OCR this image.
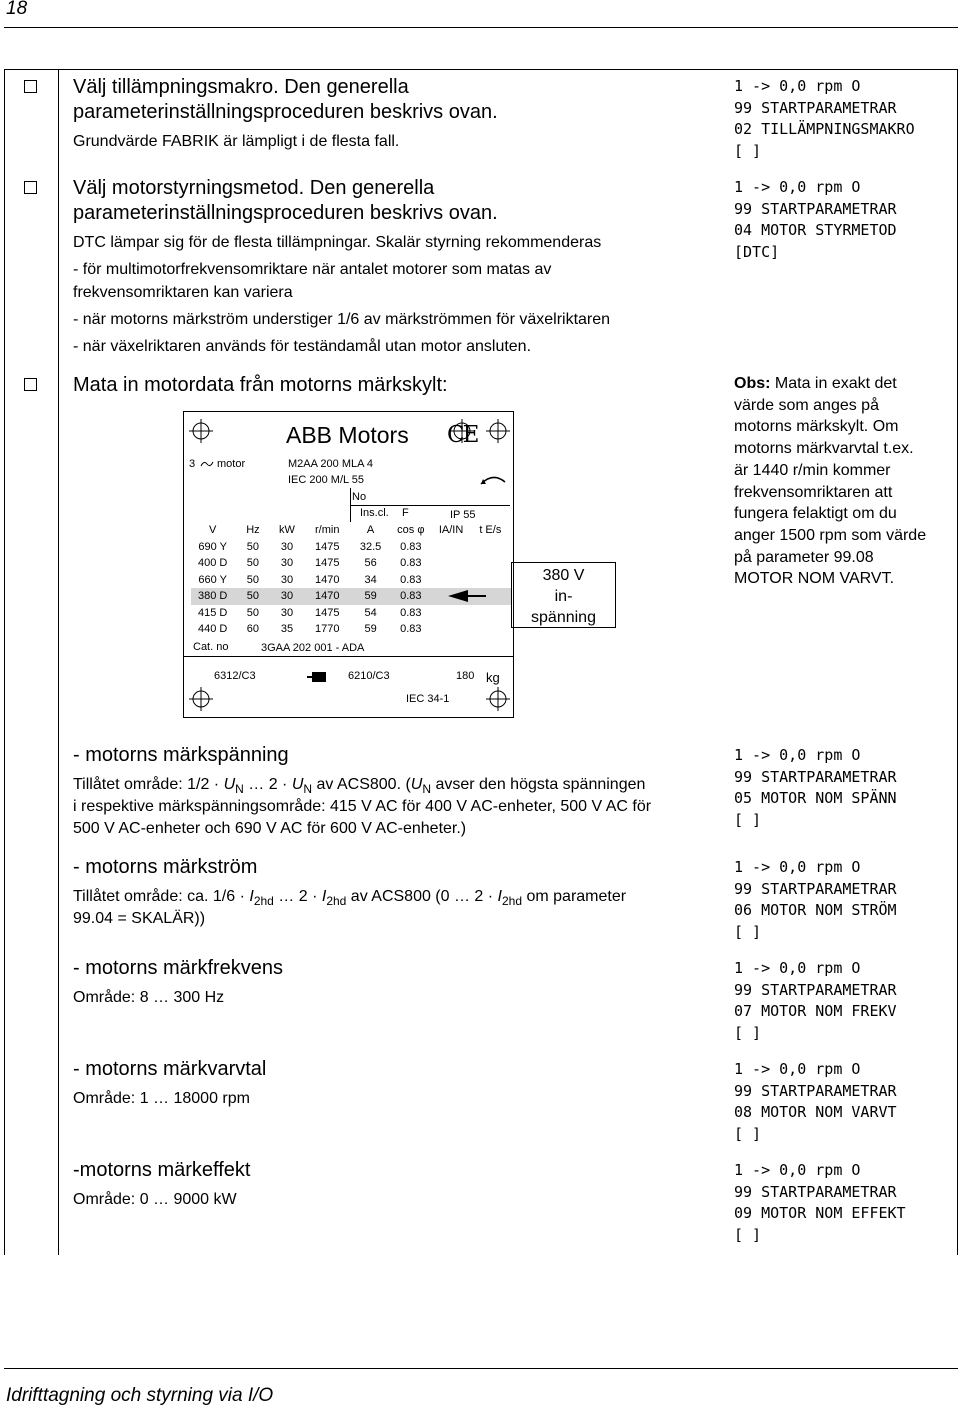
18
Välj tillämpningsmakro. Den generella
parameterinställningsproceduren beskrivs ovan.
Grundvärde FABRIK är lämpligt i de flesta fall.
1 -> 0,0 rpm O
99 STARTPARAMETRAR
02 TILLÄMPNINGSMAKRO
[ ]
Välj motorstyrningsmetod. Den generella
parameterinställningsproceduren beskrivs ovan.
DTC lämpar sig för de flesta tillämpningar. Skalär styrning rekommenderas
- för multimotorfrekvensomriktare när antalet motorer som matas av
frekvensomriktaren kan variera
- när motorns märkström understiger 1/6 av märkströmmen för växelriktaren
- när växelriktaren används för teständamål utan motor ansluten.
1 -> 0,0 rpm O
99 STARTPARAMETRAR
04 MOTOR STYRMETOD
[DTC]
Mata in motordata från motorns märkskylt:	Obs: Mata in exakt det
värde som anges på
motorns märkskylt. Om
motorns märkvarvtal t.ex.
är 1440 r/min kommer
frekvensomriktaren att
fungera felaktigt om du
anger 1500 rpm som värde
på parameter 99.08
MOTOR NOM VARVT.
ABB Motors CE
3 motor	M2AA 200 MLA 4
IEC 200 M/L 55
No
Ins.cl. F	IP 55
V	Hz	kW	r/min	A	cos φ	IA/IN	t E/s
690 Y	50	30	1475	32.5	0.83		
400 D	50	30	1475	56	0.83		
660 Y	50	30	1470	34	0.83		
380 D	50	30	1470	59	0.83		
415 D	50	30	1475	54	0.83		
440 D	60	35	1770	59	0.83		
Cat. no	3GAA 202 001 - ADA
6312/C3	6210/C3	180 kg
IEC 34-1
380 V
in-
spänning
- motorns märkspänning
Tillåtet område: $1/2 \cdot U_N$ … $2 \cdot U_N$ av ACS800. ($U_N$ avser den högsta spänningen
i respektive märkspänningsområde: 415 V AC för 400 V AC-enheter, 500 V AC för
500 V AC-enheter och 690 V AC för 600 V AC-enheter.)
1 -> 0,0 rpm O
99 STARTPARAMETRAR
05 MOTOR NOM SPÄNN
[ ]
- motorns märkström
Tillåtet område: ca. $1/6 \cdot I_{2hd}$ … $2 \cdot I_{2hd}$ av ACS800 (0 … $2 \cdot I_{2hd}$ om parameter
99.04 = SKALÄR))
1 -> 0,0 rpm O
99 STARTPARAMETRAR
06 MOTOR NOM STRÖM
[ ]
- motorns märkfrekvens
Område: 8 … 300 Hz
1 -> 0,0 rpm O
99 STARTPARAMETRAR
07 MOTOR NOM FREKV
[ ]
- motorns märkvarvtal
Område: 1 … 18000 rpm
1 -> 0,0 rpm O
99 STARTPARAMETRAR
08 MOTOR NOM VARVT
[ ]
-motorns märkeffekt
Område: 0 … 9000 kW
1 -> 0,0 rpm O
99 STARTPARAMETRAR
09 MOTOR NOM EFFEKT
[ ]
Idrifttagning och styrning via I/O
